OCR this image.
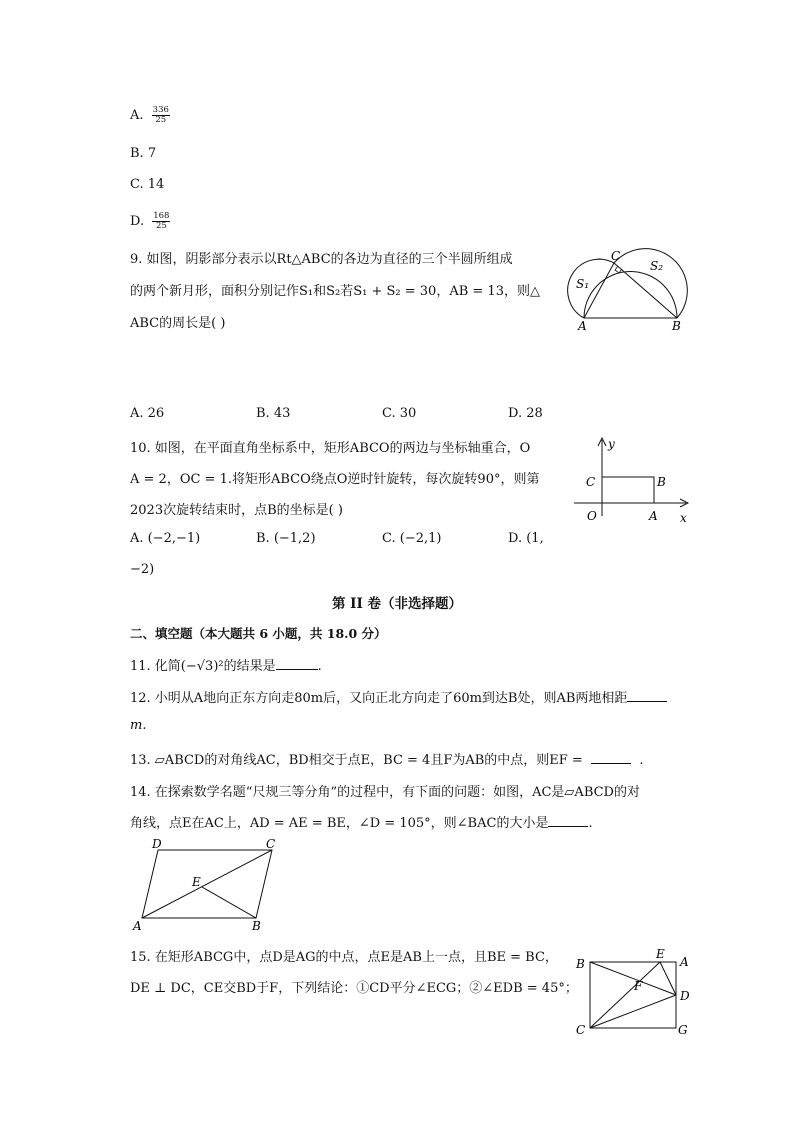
A. $\frac{336}{25}$
B. 7
C. 14
D. $\frac{168}{25}$
9. 如图，阴影部分表示以Rt△ABC的各边为直径的三个半圆所组成
的两个新月形，面积分别记作S₁和S₂若S₁ + S₂ = 30，AB = 13，则△
ABC的周长是( )
C
S₁
S₂
A	B
A. 26	B. 43	C. 30	D. 28
10. 如图，在平面直角坐标系中，矩形ABCO的两边与坐标轴重合，O
A = 2，OC = 1.将矩形ABCO绕点O逆时针旋转，每次旋转90°，则第
2023次旋转结束时，点B的坐标是( )
y
x
C	B
O	A
A. (−2,−1)	B. (−1,2)	C. (−2,1)	D. (1,
−2)
第 II 卷（非选择题）
二、填空题（本大题共 6 小题，共 18.0 分）
11. 化简(−√3)²的结果是	.
12. 小明从A地向正东方向走80m后，又向正北方向走了60m到达B处，则AB两地相距
m.
13. ▱ABCD的对角线AC，BD相交于点E，BC = 4且F为AB的中点，则EF =	.
14. 在探索数学名题“尺规三等分角”的过程中，有下面的问题：如图，AC是▱ABCD的对
角线，点E在AC上，AD = AE = BE，∠D = 105°，则∠BAC的大小是	.
D	C
E
A	B
15. 在矩形ABCG中，点D是AG的中点，点E是AB上一点，且BE = BC，
DE ⊥ DC，CE交BD于F，下列结论：①CD平分∠ECG；②∠EDB = 45°；
B
E
A
F
D
C	G
